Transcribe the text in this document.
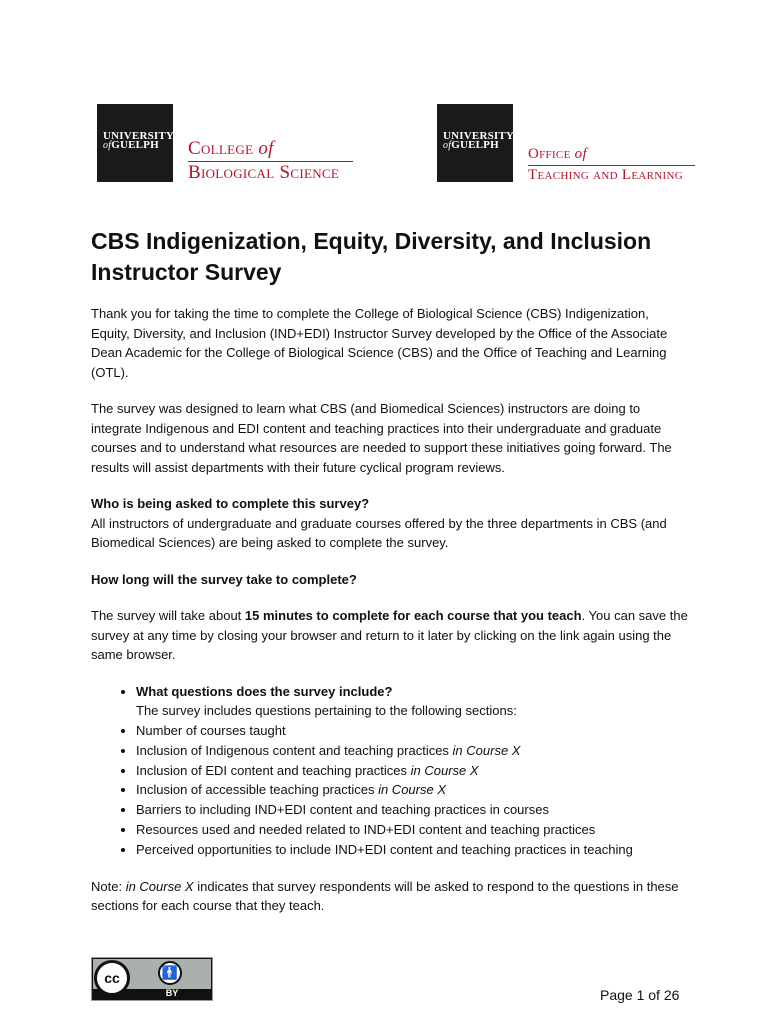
UNIVERSITY
ofGUELPH	College of
Biological Science
UNIVERSITY
ofGUELPH
Office of
Teaching and Learning
CBS Indigenization, Equity, Diversity, and Inclusion Instructor Survey

Thank you for taking the time to complete the College of Biological Science (CBS) Indigenization, Equity, Diversity, and Inclusion (IND+EDI) Instructor Survey developed by the Office of the Associate Dean Academic for the College of Biological Science (CBS) and the Office of Teaching and Learning (OTL).

The survey was designed to learn what CBS (and Biomedical Sciences) instructors are doing to integrate Indigenous and EDI content and teaching practices into their undergraduate and graduate courses and to understand what resources are needed to support these initiatives going forward. The results will assist departments with their future cyclical program reviews.

Who is being asked to complete this survey?
All instructors of undergraduate and graduate courses offered by the three departments in CBS (and Biomedical Sciences) are being asked to complete the survey.

How long will the survey take to complete?

The survey will take about 15 minutes to complete for each course that you teach. You can save the survey at any time by closing your browser and return to it later by clicking on the link again using the same browser.

• What questions does the survey include?
The survey includes questions pertaining to the following sections:
• Number of courses taught
• Inclusion of Indigenous content and teaching practices in Course X
• Inclusion of EDI content and teaching practices in Course X
• Inclusion of accessible teaching practices in Course X
• Barriers to including IND+EDI content and teaching practices in courses
• Resources used and needed related to IND+EDI content and teaching practices
• Perceived opportunities to include IND+EDI content and teaching practices in teaching

Note: in Course X indicates that survey respondents will be asked to respond to the questions in these sections for each course that they teach.

cc	🚹
BY	Page 1 of 26
